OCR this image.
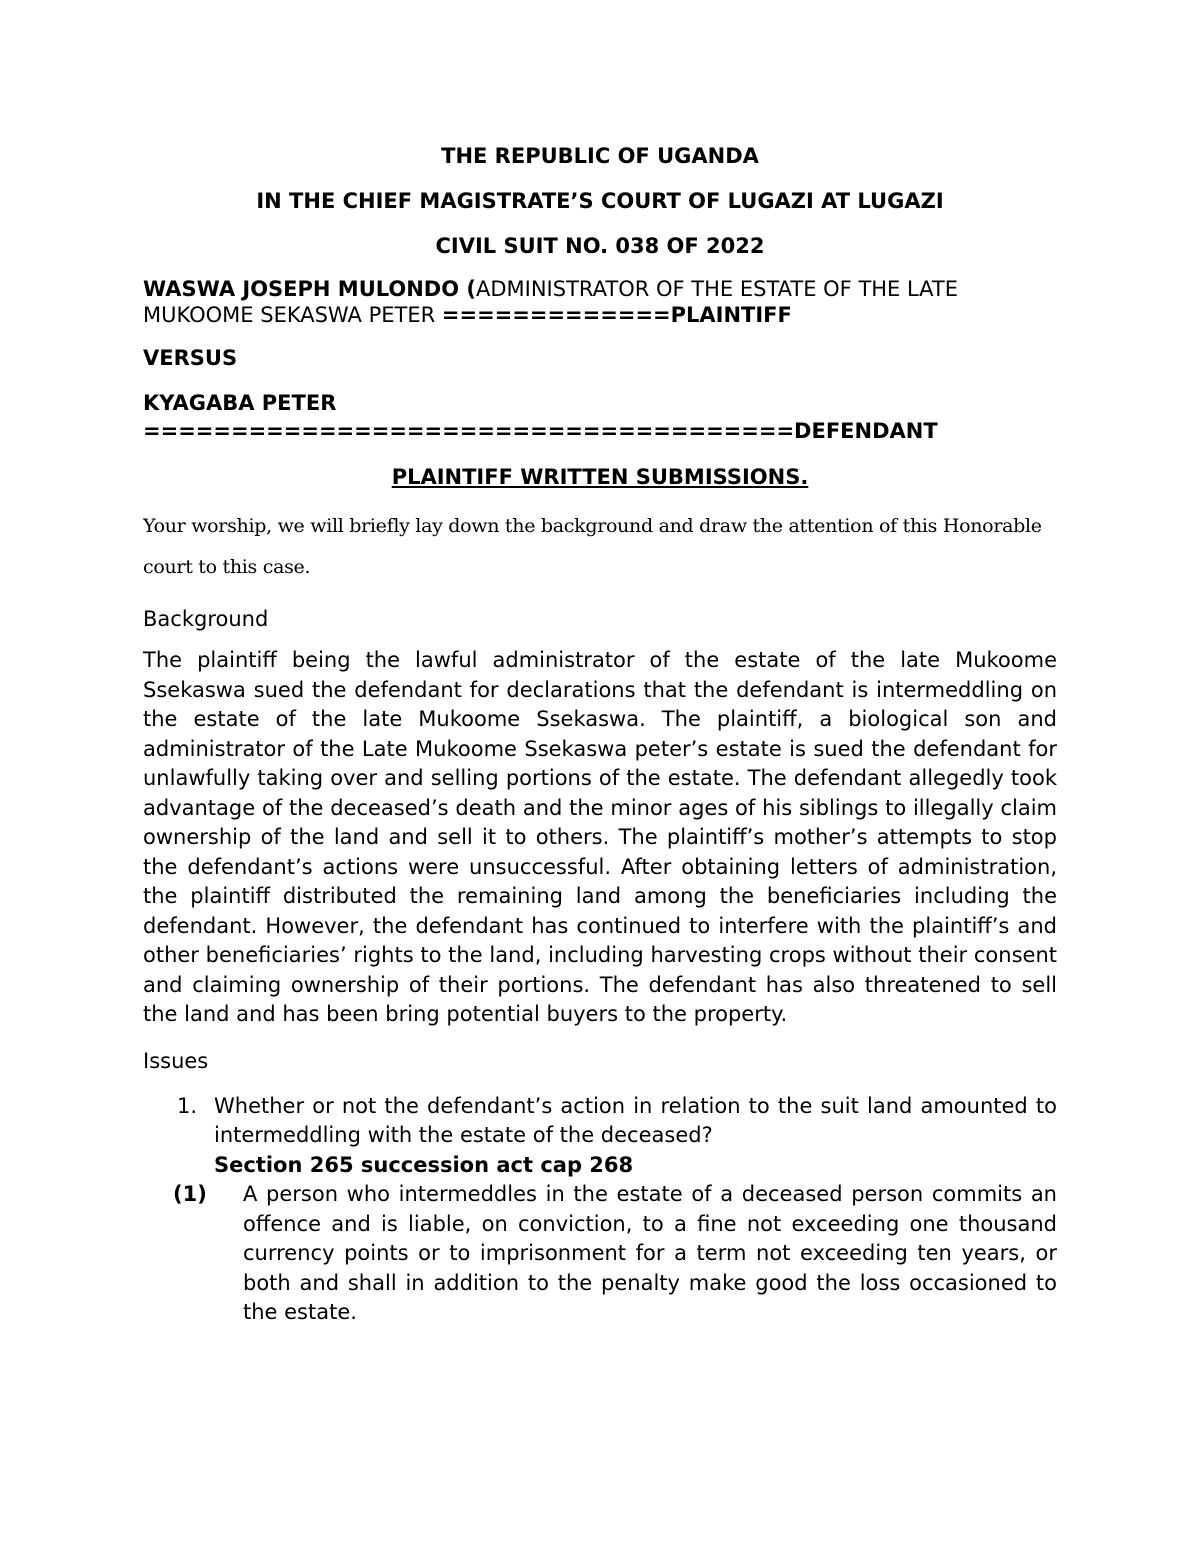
THE REPUBLIC OF UGANDA

IN THE CHIEF MAGISTRATE’S COURT OF LUGAZI AT LUGAZI

CIVIL SUIT NO. 038 OF 2022

WASWA JOSEPH MULONDO (ADMINISTRATOR OF THE ESTATE OF THE LATE MUKOOME SEKASWA PETER =============PLAINTIFF

VERSUS

KYAGABA PETER

=====================================DEFENDANT

PLAINTIFF WRITTEN SUBMISSIONS.

Your worship, we will briefly lay down the background and draw the attention of this Honorable court to this case.

Background

The plaintiff being the lawful administrator of the estate of the late Mukoome Ssekaswa sued the defendant for declarations that the defendant is intermeddling on the estate of the late Mukoome Ssekaswa. The plaintiff, a biological son and administrator of the Late Mukoome Ssekaswa peter’s estate is sued the defendant for unlawfully taking over and selling portions of the estate. The defendant allegedly took advantage of the deceased’s death and the minor ages of his siblings to illegally claim ownership of the land and sell it to others. The plaintiff’s mother’s attempts to stop the defendant’s actions were unsuccessful. After obtaining letters of administration, the plaintiff distributed the remaining land among the beneficiaries including the defendant. However, the defendant has continued to interfere with the plaintiff’s and other beneficiaries’ rights to the land, including harvesting crops without their consent and claiming ownership of their portions. The defendant has also threatened to sell the land and has been bring potential buyers to the property.

Issues

1. Whether or not the defendant’s action in relation to the suit land amounted to intermeddling with the estate of the deceased?
Section 265 succession act cap 268

(1) A person who intermeddles in the estate of a deceased person commits an offence and is liable, on conviction, to a fine not exceeding one thousand currency points or to imprisonment for a term not exceeding ten years, or both and shall in addition to the penalty make good the loss occasioned to the estate.
